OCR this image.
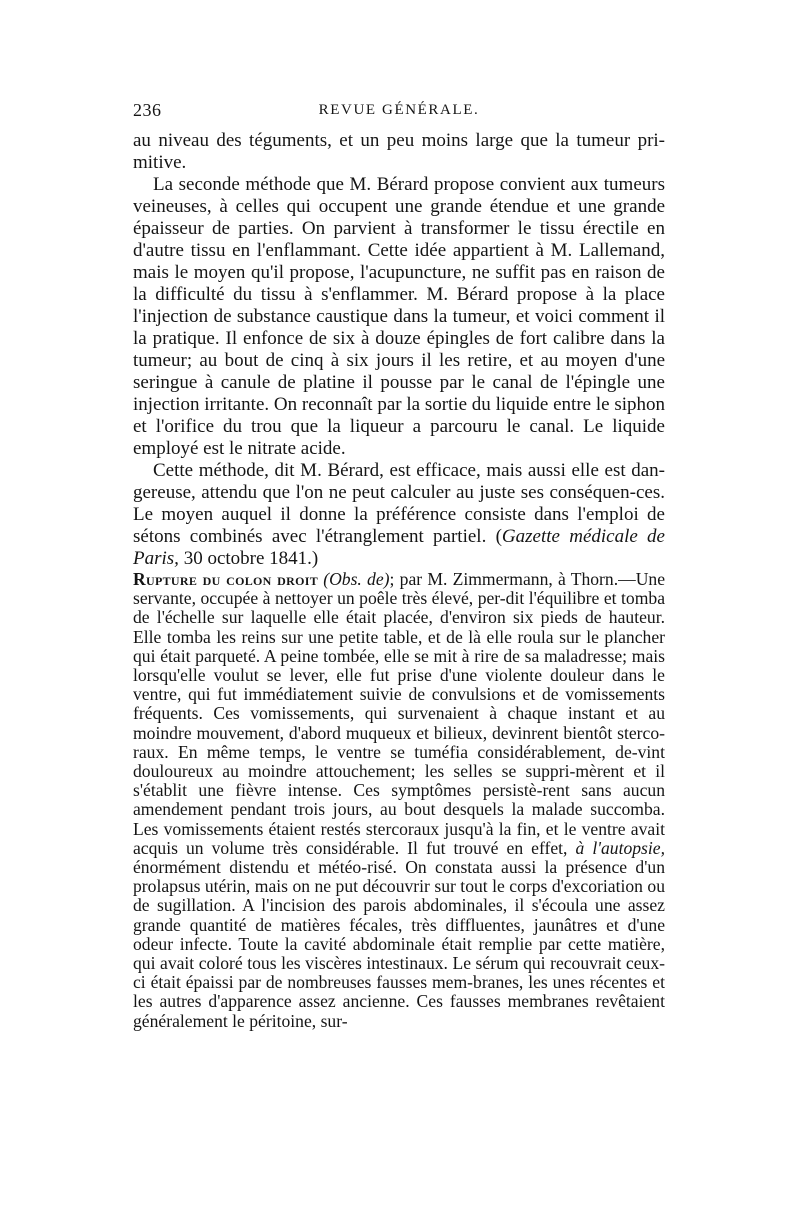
236	REVUE GÉNÉRALE.

au niveau des téguments, et un peu moins large que la tumeur pri-mitive.

La seconde méthode que M. Bérard propose convient aux tumeurs veineuses, à celles qui occupent une grande étendue et une grande épaisseur de parties. On parvient à transformer le tissu érectile en d'autre tissu en l'enflammant. Cette idée appartient à M. Lallemand, mais le moyen qu'il propose, l'acupuncture, ne suffit pas en raison de la difficulté du tissu à s'enflammer. M. Bérard propose à la place l'injection de substance caustique dans la tumeur, et voici comment il la pratique. Il enfonce de six à douze épingles de fort calibre dans la tumeur; au bout de cinq à six jours il les retire, et au moyen d'une seringue à canule de platine il pousse par le canal de l'épingle une injection irritante. On reconnaît par la sortie du liquide entre le siphon et l'orifice du trou que la liqueur a parcouru le canal. Le liquide employé est le nitrate acide.

Cette méthode, dit M. Bérard, est efficace, mais aussi elle est dan-gereuse, attendu que l'on ne peut calculer au juste ses conséquen-ces. Le moyen auquel il donne la préférence consiste dans l'emploi de sétons combinés avec l'étranglement partiel. (Gazette médicale de Paris, 30 octobre 1841.)

Rupture du colon droit (Obs. de); par M. Zimmermann, à Thorn.—Une servante, occupée à nettoyer un poêle très élevé, per-dit l'équilibre et tomba de l'échelle sur laquelle elle était placée, d'environ six pieds de hauteur. Elle tomba les reins sur une petite table, et de là elle roula sur le plancher qui était parqueté. A peine tombée, elle se mit à rire de sa maladresse; mais lorsqu'elle voulut se lever, elle fut prise d'une violente douleur dans le ventre, qui fut immédiatement suivie de convulsions et de vomissements fréquents. Ces vomissements, qui survenaient à chaque instant et au moindre mouvement, d'abord muqueux et bilieux, devinrent bientôt sterco-raux. En même temps, le ventre se tuméfia considérablement, de-vint douloureux au moindre attouchement; les selles se suppri-mèrent et il s'établit une fièvre intense. Ces symptômes persistè-rent sans aucun amendement pendant trois jours, au bout desquels la malade succomba. Les vomissements étaient restés stercoraux jusqu'à la fin, et le ventre avait acquis un volume très considérable. Il fut trouvé en effet, à l'autopsie, énormément distendu et météo-risé. On constata aussi la présence d'un prolapsus utérin, mais on ne put découvrir sur tout le corps d'excoriation ou de sugillation. A l'incision des parois abdominales, il s'écoula une assez grande quantité de matières fécales, très diffluentes, jaunâtres et d'une odeur infecte. Toute la cavité abdominale était remplie par cette matière, qui avait coloré tous les viscères intestinaux. Le sérum qui recouvrait ceux-ci était épaissi par de nombreuses fausses mem-branes, les unes récentes et les autres d'apparence assez ancienne. Ces fausses membranes revêtaient généralement le péritoine, sur-
